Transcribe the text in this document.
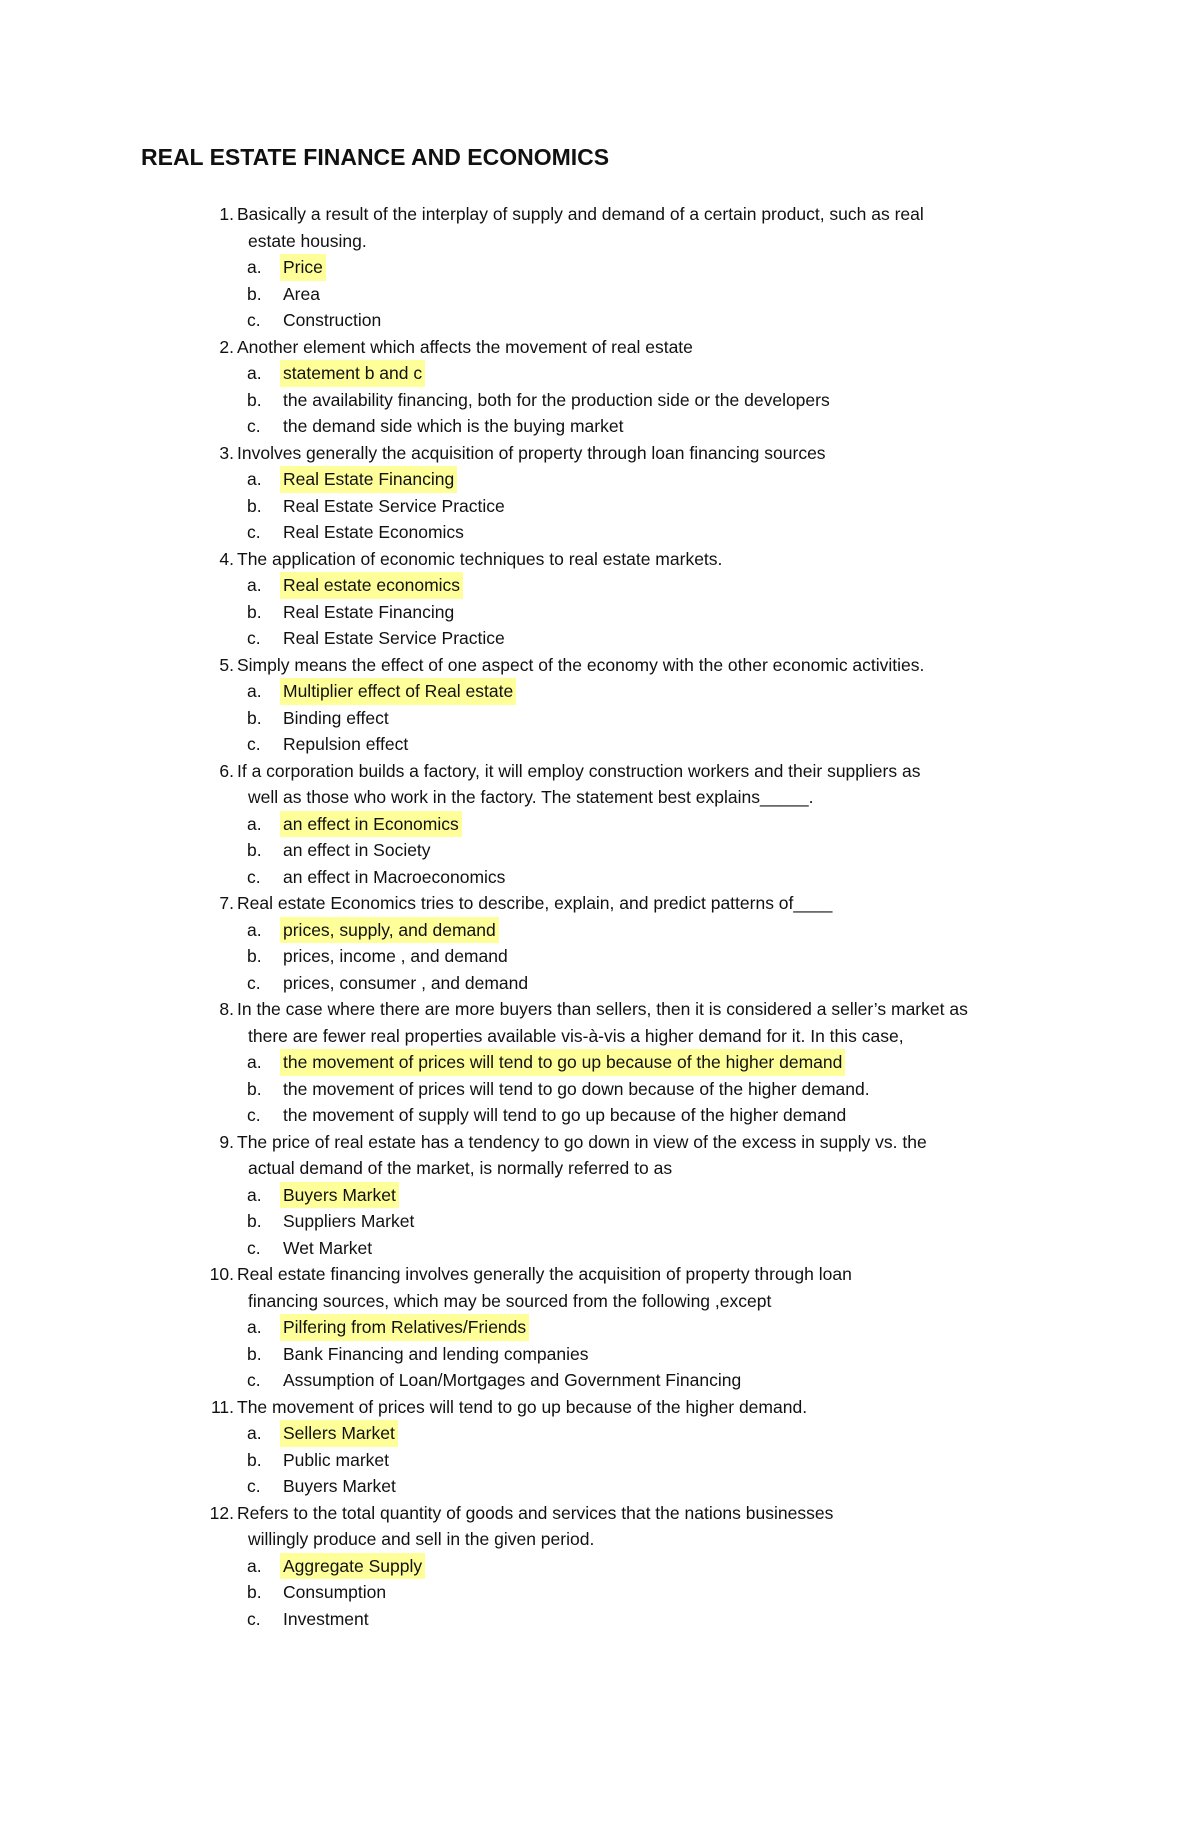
REAL ESTATE FINANCE AND ECONOMICS
1. Basically a result of the interplay of supply and demand of a certain product, such as real
estate housing.
a. Price
b. Area
c. Construction
2. Another element which affects the movement of real estate
a. statement b and c
b. the availability financing, both for the production side or the developers
c. the demand side which is the buying market
3. Involves generally the acquisition of property through loan financing sources
a. Real Estate Financing
b. Real Estate Service Practice
c. Real Estate Economics
4. The application of economic techniques to real estate markets.
a. Real estate economics
b. Real Estate Financing
c. Real Estate Service Practice
5. Simply means the effect of one aspect of the economy with the other economic activities.
a. Multiplier effect of Real estate
b. Binding effect
c. Repulsion effect
6. If a corporation builds a factory, it will employ construction workers and their suppliers as
well as those who work in the factory. The statement best explains_____.
a. an effect in Economics
b. an effect in Society
c. an effect in Macroeconomics
7. Real estate Economics tries to describe, explain, and predict patterns of____
a. prices, supply, and demand
b. prices, income , and demand
c. prices, consumer , and demand
8. In the case where there are more buyers than sellers, then it is considered a seller’s market as
there are fewer real properties available vis-à-vis a higher demand for it. In this case,
a. the movement of prices will tend to go up because of the higher demand
b. the movement of prices will tend to go down because of the higher demand.
c. the movement of supply will tend to go up because of the higher demand
9. The price of real estate has a tendency to go down in view of the excess in supply vs. the
actual demand of the market, is normally referred to as
a. Buyers Market
b. Suppliers Market
c. Wet Market
10. Real estate financing involves generally the acquisition of property through loan
financing sources, which may be sourced from the following ,except
a. Pilfering from Relatives/Friends
b. Bank Financing and lending companies
c. Assumption of Loan/Mortgages and Government Financing
11. The movement of prices will tend to go up because of the higher demand.
a. Sellers Market
b. Public market
c. Buyers Market
12. Refers to the total quantity of goods and services that the nations businesses
willingly produce and sell in the given period.
a. Aggregate Supply
b. Consumption
c. Investment
